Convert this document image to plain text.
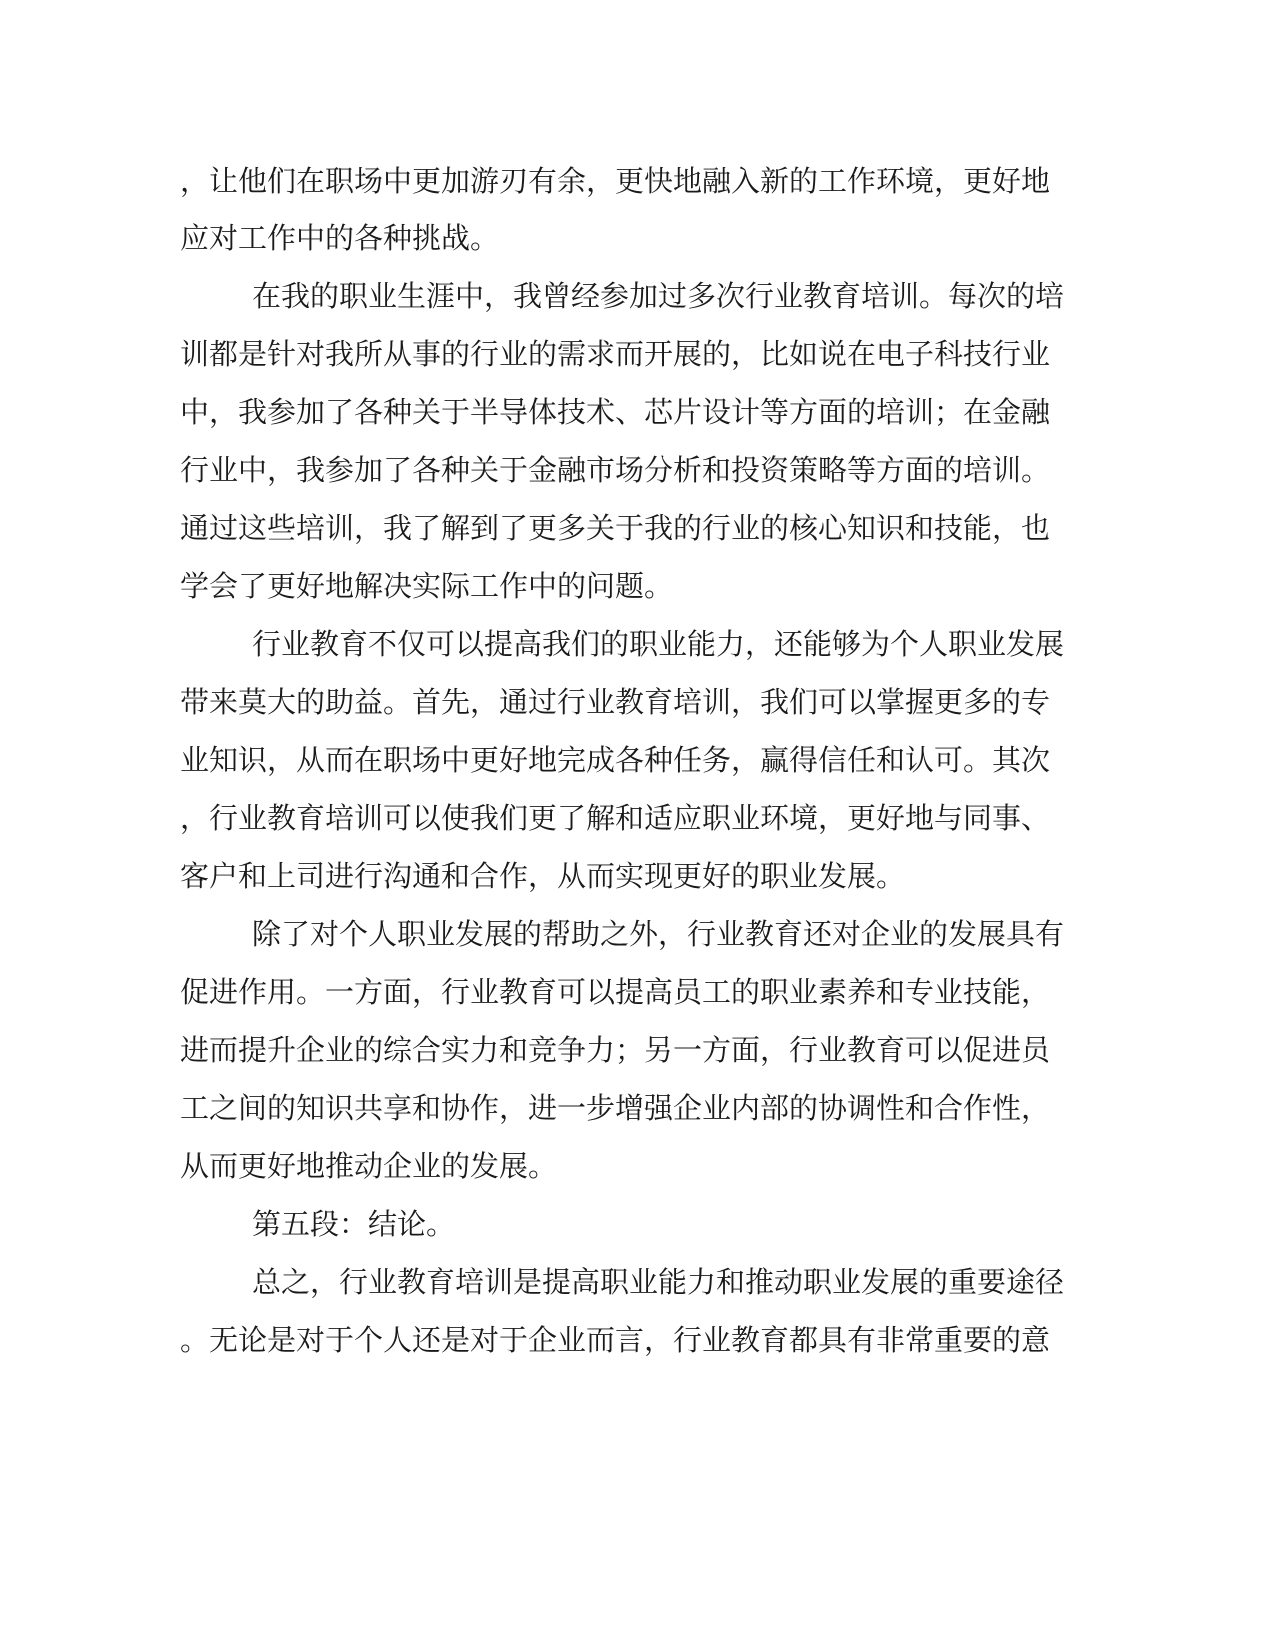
，让他们在职场中更加游刃有余，更快地融入新的工作环境，更好地
应对工作中的各种挑战。
在我的职业生涯中，我曾经参加过多次行业教育培训。每次的培
训都是针对我所从事的行业的需求而开展的，比如说在电子科技行业
中，我参加了各种关于半导体技术、芯片设计等方面的培训；在金融
行业中，我参加了各种关于金融市场分析和投资策略等方面的培训。
通过这些培训，我了解到了更多关于我的行业的核心知识和技能，也
学会了更好地解决实际工作中的问题。
行业教育不仅可以提高我们的职业能力，还能够为个人职业发展
带来莫大的助益。首先，通过行业教育培训，我们可以掌握更多的专
业知识，从而在职场中更好地完成各种任务，赢得信任和认可。其次
，行业教育培训可以使我们更了解和适应职业环境，更好地与同事、
客户和上司进行沟通和合作，从而实现更好的职业发展。
除了对个人职业发展的帮助之外，行业教育还对企业的发展具有
促进作用。一方面，行业教育可以提高员工的职业素养和专业技能，
进而提升企业的综合实力和竞争力；另一方面，行业教育可以促进员
工之间的知识共享和协作，进一步增强企业内部的协调性和合作性，
从而更好地推动企业的发展。
第五段：结论。
总之，行业教育培训是提高职业能力和推动职业发展的重要途径
。无论是对于个人还是对于企业而言，行业教育都具有非常重要的意
